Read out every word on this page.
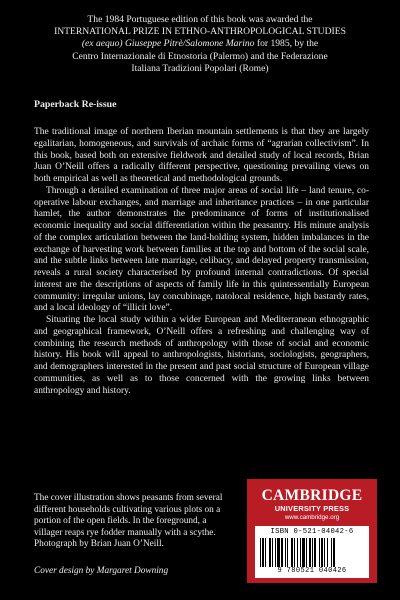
The 1984 Portuguese edition of this book was awarded the
INTERNATIONAL PRIZE IN ETHNO-ANTHROPOLOGICAL STUDIES
(ex aequo) Giuseppe Pitrè/Salomone Marino for 1985, by the
Centro Internazionale di Etnostoria (Palermo) and the Federazione
Italiana Tradizioni Popolari (Rome)

Paperback Re-issue

The traditional image of northern Iberian mountain settlements is that they are largely egalitarian, homogeneous, and survivals of archaic forms of “agrarian collectivism”. In this book, based both on extensive fieldwork and detailed study of local records, Brian Juan O’Neill offers a radically different perspective, questioning prevailing views on both empirical as well as theoretical and methodological grounds.

Through a detailed examination of three major areas of social life – land tenure, co-operative labour exchanges, and marriage and inheritance practices – in one particular hamlet, the author demonstrates the predominance of forms of institutionalised economic inequality and social differentiation within the peasantry. His minute analysis of the complex articulation between the land-holding system, hidden imbalances in the exchange of harvesting work between families at the top and bottom of the social scale, and the subtle links between late marriage, celibacy, and delayed property transmission, reveals a rural society characterised by profound internal contradictions. Of special interest are the descriptions of aspects of family life in this quintessentially European community: irregular unions, lay concubinage, natolocal residence, high bastardy rates, and a local ideology of “illicit love”.

Situating the local study within a wider European and Mediterranean ethnographic and geographical framework, O’Neill offers a refreshing and challenging way of combining the research methods of anthropology with those of social and economic history. His book will appeal to anthropologists, historians, sociologists, geographers, and demographers interested in the present and past social structure of European village communities, as well as to those concerned with the growing links between anthropology and history.

The cover illustration shows peasants from several different households cultivating various plots on a portion of the open fields. In the foreground, a villager reaps rye fodder manually with a scythe. Photograph by Brian Juan O’Neill.

Cover design by Margaret Downing

CAMBRIDGE
UNIVERSITY PRESS
www.cambridge.org
ISBN 0-521-04042-6
9 780521 040426
